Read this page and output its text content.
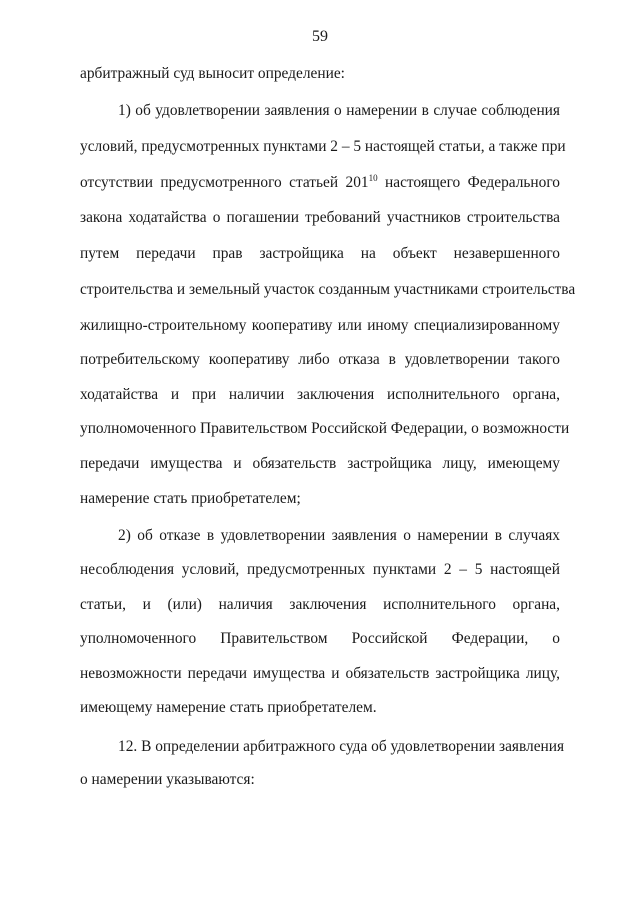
59
арбитражный суд выносит определение:
1) об удовлетворении заявления о намерении в случае соблюдения
условий, предусмотренных пунктами 2 – 5 настоящей статьи, а также при
отсутствии предусмотренного статьей $201^{10}$ настоящего Федерального
закона ходатайства о погашении требований участников строительства
путем передачи прав застройщика на объект незавершенного
строительства и земельный участок созданным участниками строительства
жилищно-строительному кооперативу или иному специализированному
потребительскому кооперативу либо отказа в удовлетворении такого
ходатайства и при наличии заключения исполнительного органа,
уполномоченного Правительством Российской Федерации, о возможности
передачи имущества и обязательств застройщика лицу, имеющему
намерение стать приобретателем;
2) об отказе в удовлетворении заявления о намерении в случаях
несоблюдения условий, предусмотренных пунктами 2 – 5 настоящей
статьи, и (или) наличия заключения исполнительного органа,
уполномоченного Правительством Российской Федерации, о
невозможности передачи имущества и обязательств застройщика лицу,
имеющему намерение стать приобретателем.
12. В определении арбитражного суда об удовлетворении заявления
о намерении указываются:
